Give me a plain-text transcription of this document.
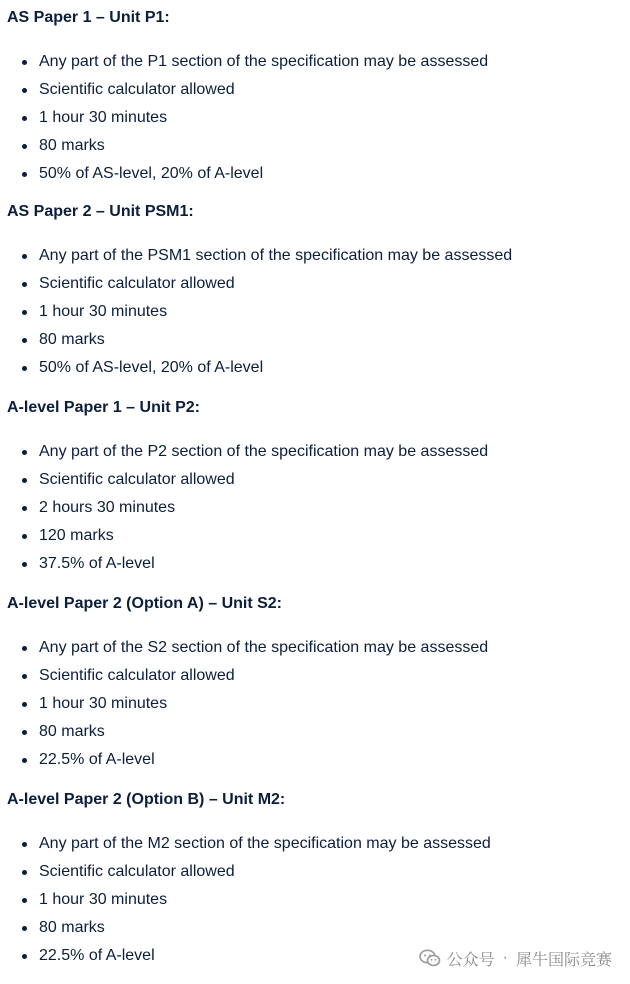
AS Paper 1 – Unit P1:
Any part of the P1 section of the specification may be assessed
Scientific calculator allowed
1 hour 30 minutes
80 marks
50% of AS-level, 20% of A-level
AS Paper 2 – Unit PSM1:
Any part of the PSM1 section of the specification may be assessed
Scientific calculator allowed
1 hour 30 minutes
80 marks
50% of AS-level, 20% of A-level
A-level Paper 1 – Unit P2:
Any part of the P2 section of the specification may be assessed
Scientific calculator allowed
2 hours 30 minutes
120 marks
37.5% of A-level
A-level Paper 2 (Option A) – Unit S2:
Any part of the S2 section of the specification may be assessed
Scientific calculator allowed
1 hour 30 minutes
80 marks
22.5% of A-level
A-level Paper 2 (Option B) – Unit M2:
Any part of the M2 section of the specification may be assessed
Scientific calculator allowed
1 hour 30 minutes
80 marks
22.5% of A-level	公众号 · 犀牛国际竞赛
